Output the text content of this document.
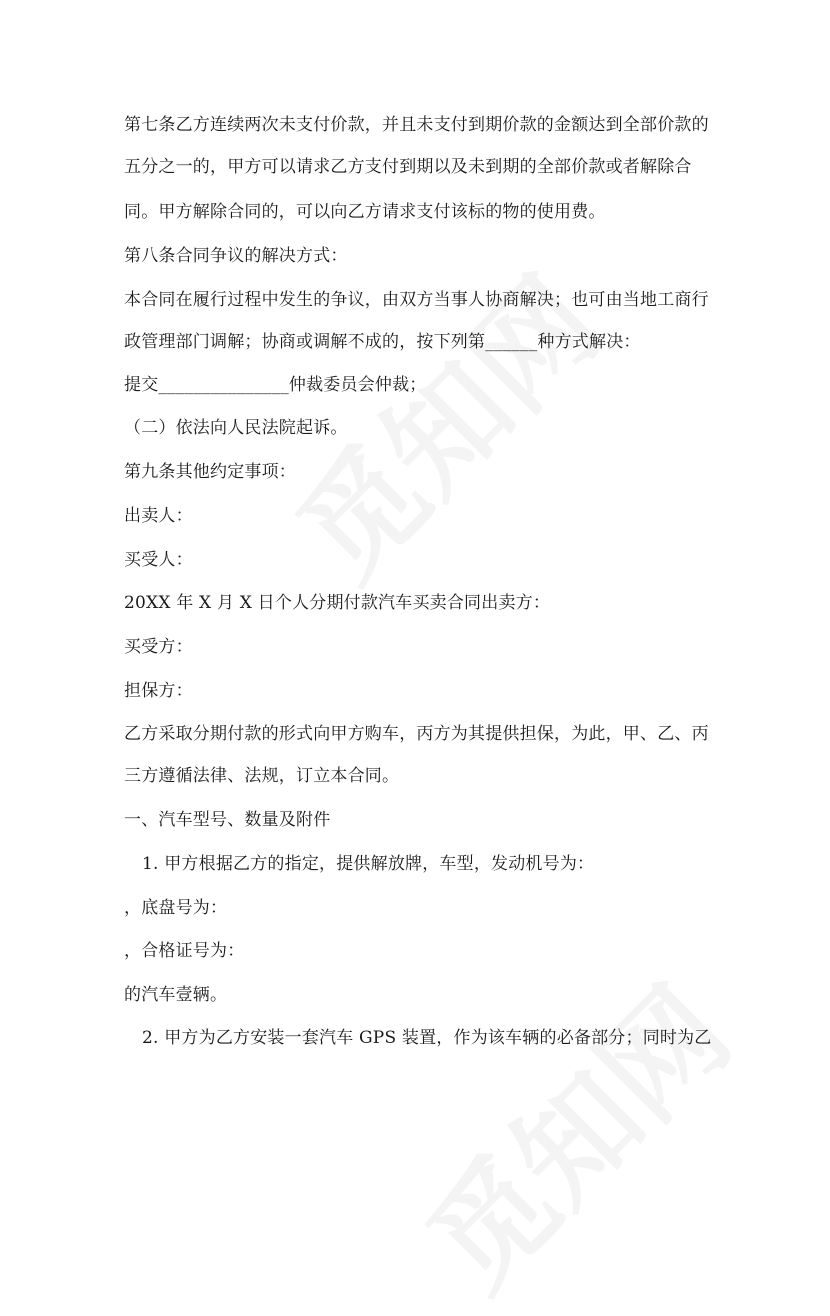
第七条乙方连续两次未支付价款，并且未支付到期价款的金额达到全部价款的
五分之一的，甲方可以请求乙方支付到期以及未到期的全部价款或者解除合
同。甲方解除合同的，可以向乙方请求支付该标的物的使用费。
第八条合同争议的解决方式：
本合同在履行过程中发生的争议，由双方当事人协商解决；也可由当地工商行
政管理部门调解；协商或调解不成的，按下列第______种方式解决：
提交_______________仲裁委员会仲裁；
（二）依法向人民法院起诉。
第九条其他约定事项：
出卖人：
买受人：
20XX 年 X 月 X 日个人分期付款汽车买卖合同出卖方：
买受方：
担保方：
乙方采取分期付款的形式向甲方购车，丙方为其提供担保，为此，甲、乙、丙
三方遵循法律、法规，订立本合同。
一、汽车型号、数量及附件
1. 甲方根据乙方的指定，提供解放牌，车型，发动机号为：
，底盘号为：
，合格证号为：
的汽车壹辆。
2. 甲方为乙方安装一套汽车 GPS 装置，作为该车辆的必备部分；同时为乙
